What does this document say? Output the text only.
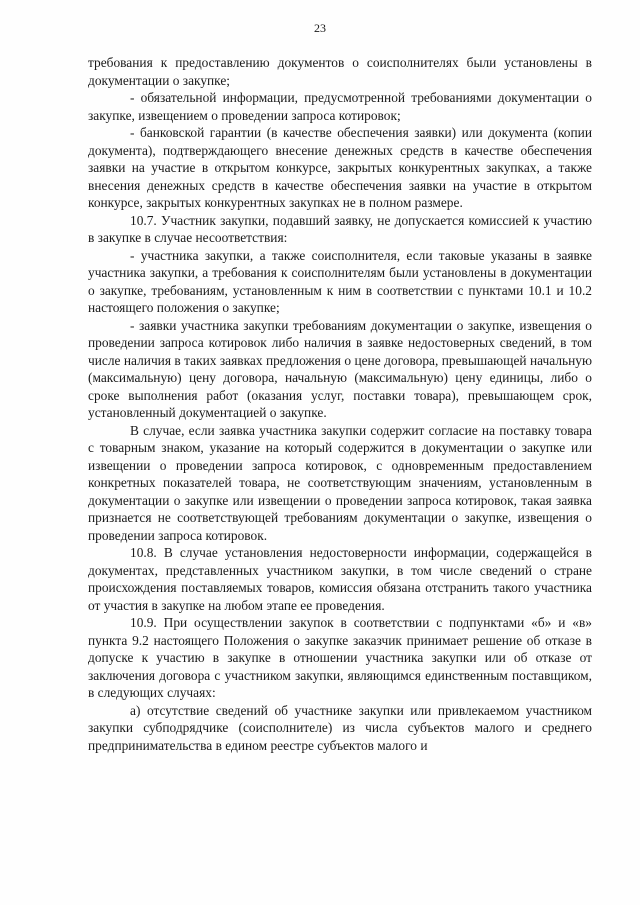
23

требования к предоставлению документов о соисполнителях были установлены в документации о закупке;

- обязательной информации, предусмотренной требованиями документации о закупке, извещением о проведении запроса котировок;

- банковской гарантии (в качестве обеспечения заявки) или документа (копии документа), подтверждающего внесение денежных средств в качестве обеспечения заявки на участие в открытом конкурсе, закрытых конкурентных закупках, а также внесения денежных средств в качестве обеспечения заявки на участие в открытом конкурсе, закрытых конкурентных закупках не в полном размере.

10.7. Участник закупки, подавший заявку, не допускается комиссией к участию в закупке в случае несоответствия:

- участника закупки, а также соисполнителя, если таковые указаны в заявке участника закупки, а требования к соисполнителям были установлены в документации о закупке, требованиям, установленным к ним в соответствии с пунктами 10.1 и 10.2 настоящего положения о закупке;

- заявки участника закупки требованиям документации о закупке, извещения о проведении запроса котировок либо наличия в заявке недостоверных сведений, в том числе наличия в таких заявках предложения о цене договора, превышающей начальную (максимальную) цену договора, начальную (максимальную) цену единицы, либо о сроке выполнения работ (оказания услуг, поставки товара), превышающем срок, установленный документацией о закупке.

В случае, если заявка участника закупки содержит согласие на поставку товара с товарным знаком, указание на который содержится в документации о закупке или извещении о проведении запроса котировок, с одновременным предоставлением конкретных показателей товара, не соответствующим значениям, установленным в документации о закупке или извещении о проведении запроса котировок, такая заявка признается не соответствующей требованиям документации о закупке, извещения о проведении запроса котировок.

10.8. В случае установления недостоверности информации, содержащейся в документах, представленных участником закупки, в том числе сведений о стране происхождения поставляемых товаров, комиссия обязана отстранить такого участника от участия в закупке на любом этапе ее проведения.

10.9. При осуществлении закупок в соответствии с подпунктами «б» и «в» пункта 9.2 настоящего Положения о закупке заказчик принимает решение об отказе в допуске к участию в закупке в отношении участника закупки или об отказе от заключения договора с участником закупки, являющимся единственным поставщиком, в следующих случаях:

а) отсутствие сведений об участнике закупки или привлекаемом участником закупки субподрядчике (соисполнителе) из числа субъектов малого и среднего предпринимательства в едином реестре субъектов малого и
